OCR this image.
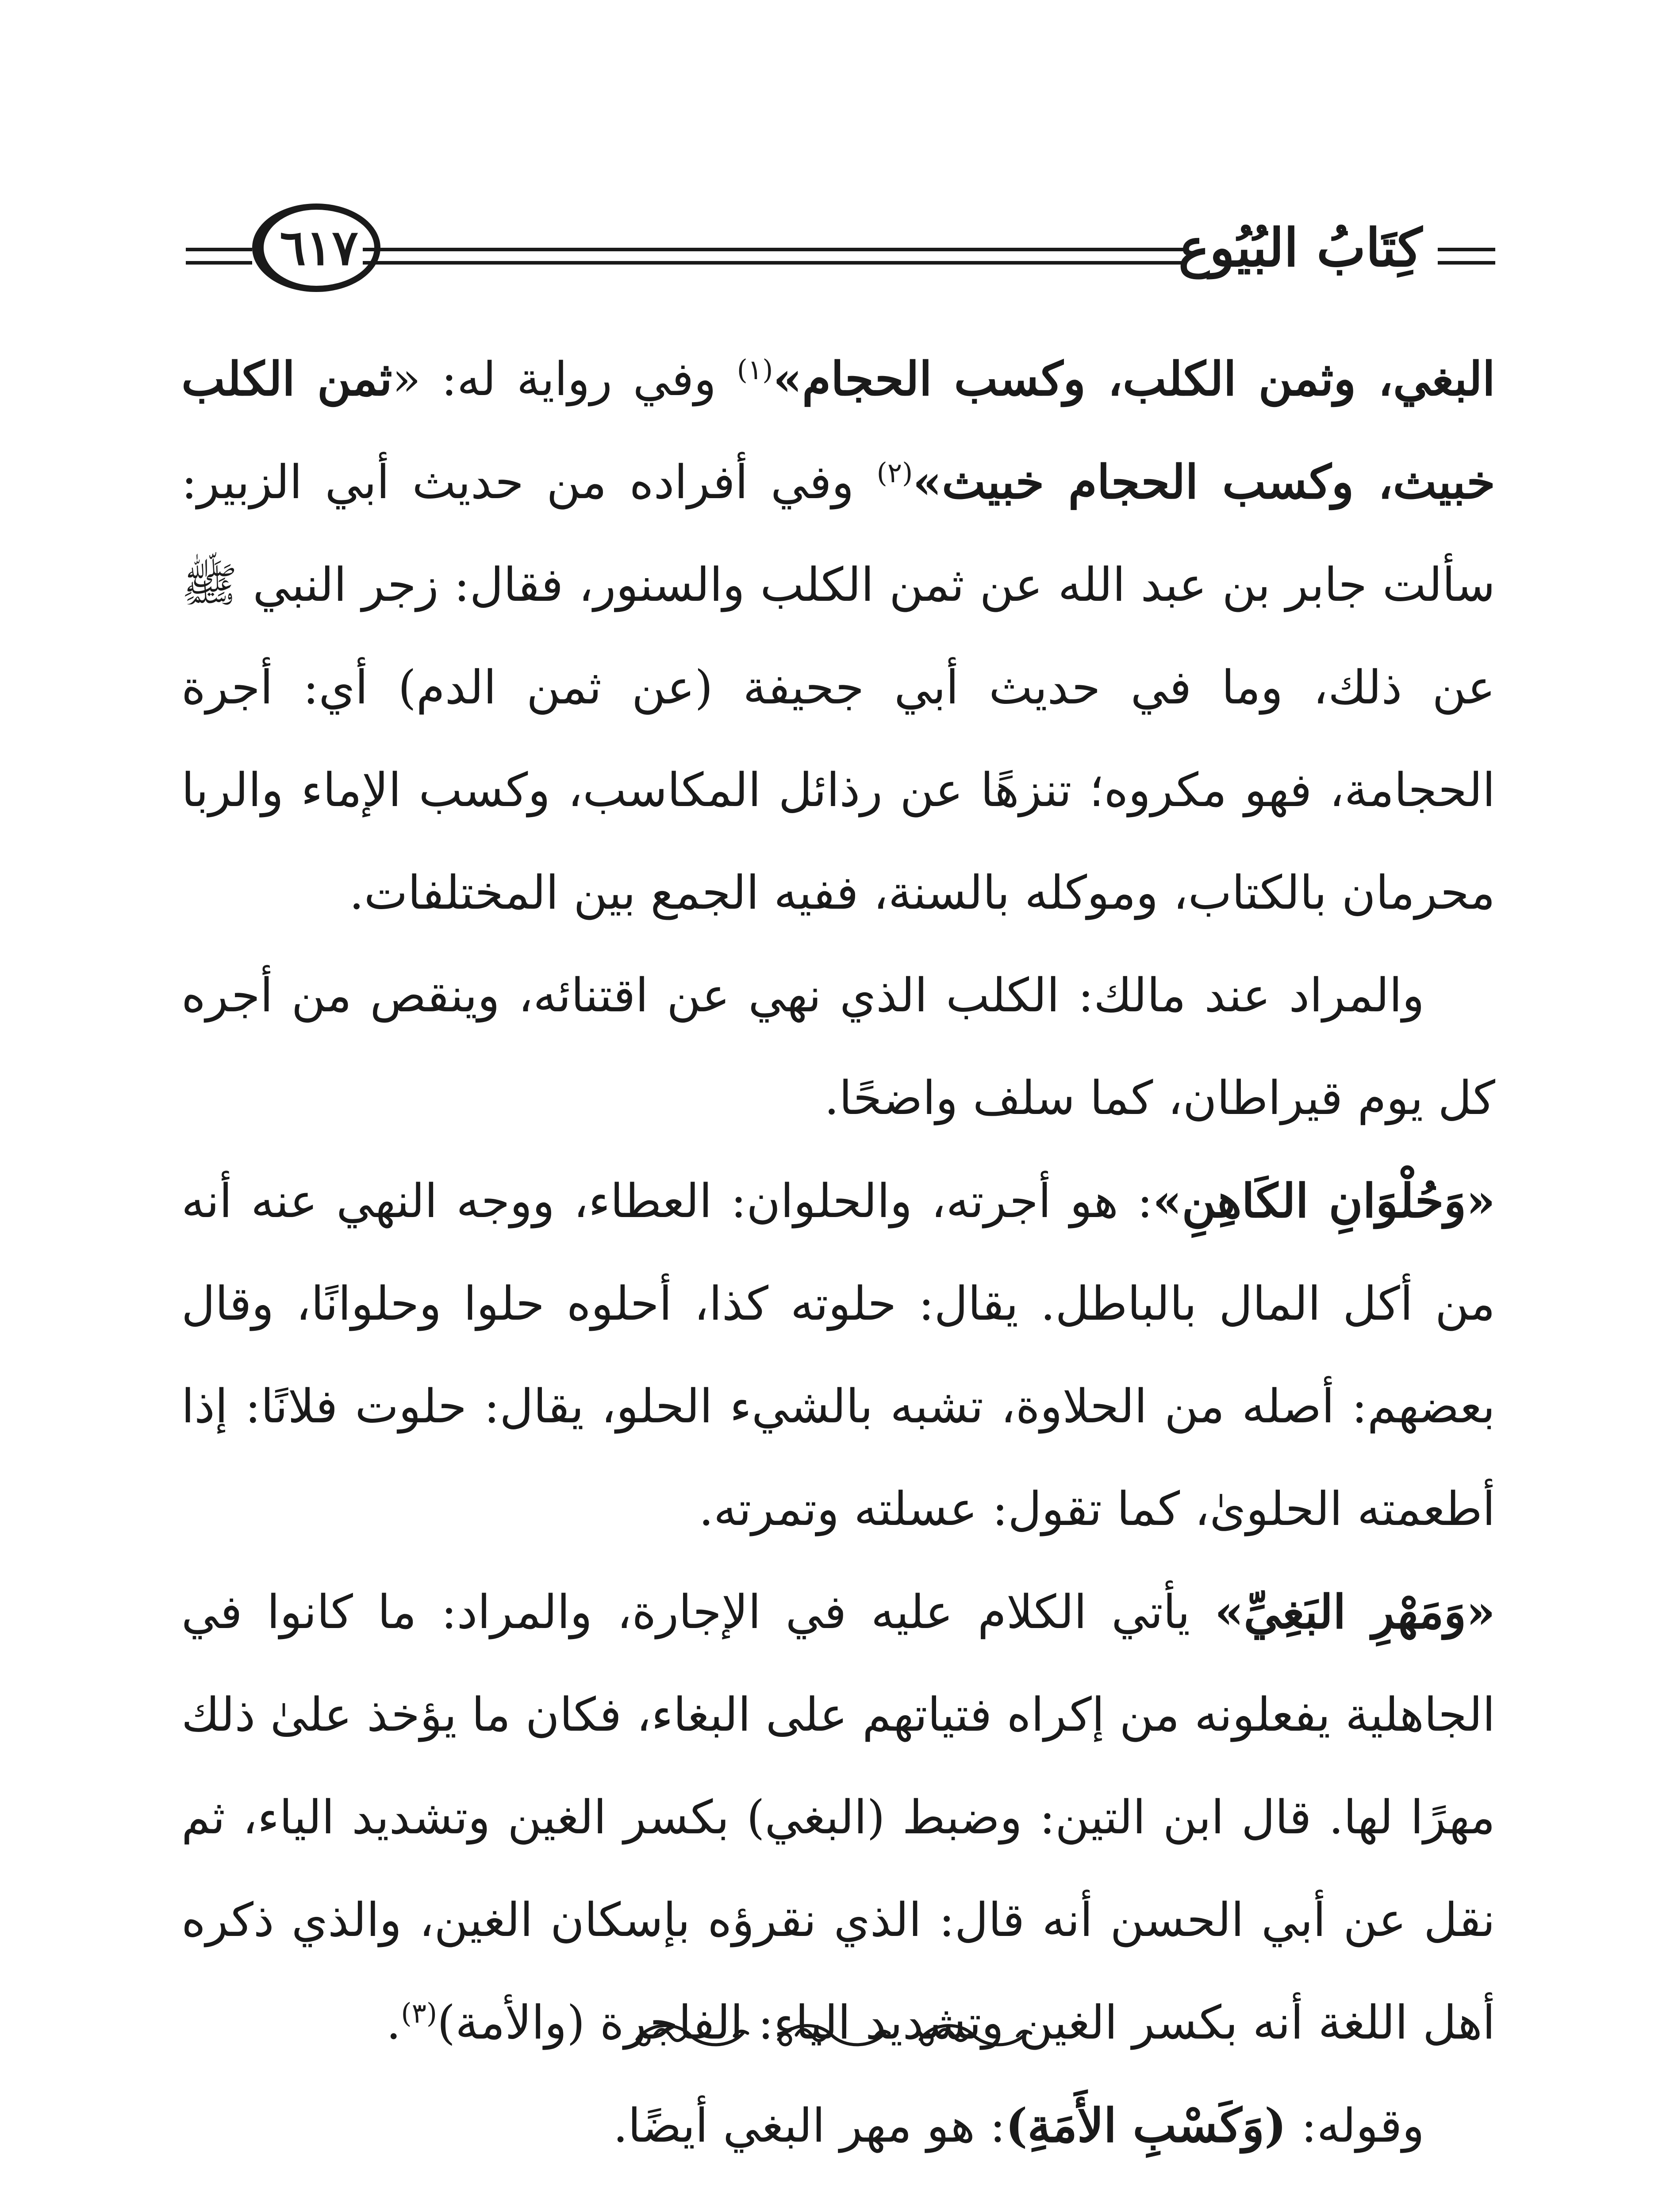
كِتَابُ البُيُوع
٦١٧

البغي، وثمن الكلب، وكسب الحجام»$^{(١)}$ وفي رواية له: «ثمن الكلب خبيث، وكسب الحجام خبيث»$^{(٢)}$ وفي أفراده من حديث أبي الزبير: سألت جابر بن عبد الله عن ثمن الكلب والسنور، فقال: زجر النبي ﷺ عن ذلك، وما في حديث أبي جحيفة (عن ثمن الدم) أي: أجرة الحجامة، فهو مكروه؛ تنزهًا عن رذائل المكاسب، وكسب الإماء والربا محرمان بالكتاب، وموكله بالسنة، ففيه الجمع بين المختلفات.

والمراد عند مالك: الكلب الذي نهي عن اقتنائه، وينقص من أجره كل يوم قيراطان، كما سلف واضحًا.

«وَحُلْوَانِ الكَاهِنِ»: هو أجرته، والحلوان: العطاء، ووجه النهي عنه أنه من أكل المال بالباطل. يقال: حلوته كذا، أحلوه حلوا وحلوانًا، وقال بعضهم: أصله من الحلاوة، تشبه بالشيء الحلو، يقال: حلوت فلانًا: إذا أطعمته الحلوىٰ، كما تقول: عسلته وتمرته.

«وَمَهْرِ البَغِيِّ» يأتي الكلام عليه في الإجارة، والمراد: ما كانوا في الجاهلية يفعلونه من إكراه فتياتهم على البغاء، فكان ما يؤخذ علىٰ ذلك مهرًا لها. قال ابن التين: وضبط (البغي) بكسر الغين وتشديد الياء، ثم نقل عن أبي الحسن أنه قال: الذي نقرؤه بإسكان الغين، والذي ذكره أهل اللغة أنه بكسر الغين وتشديد الياء: الفاجرة (والأمة)$^{(٣)}$.

وقوله: (وَكَسْبِ الأَمَةِ): هو مهر البغي أيضًا.
